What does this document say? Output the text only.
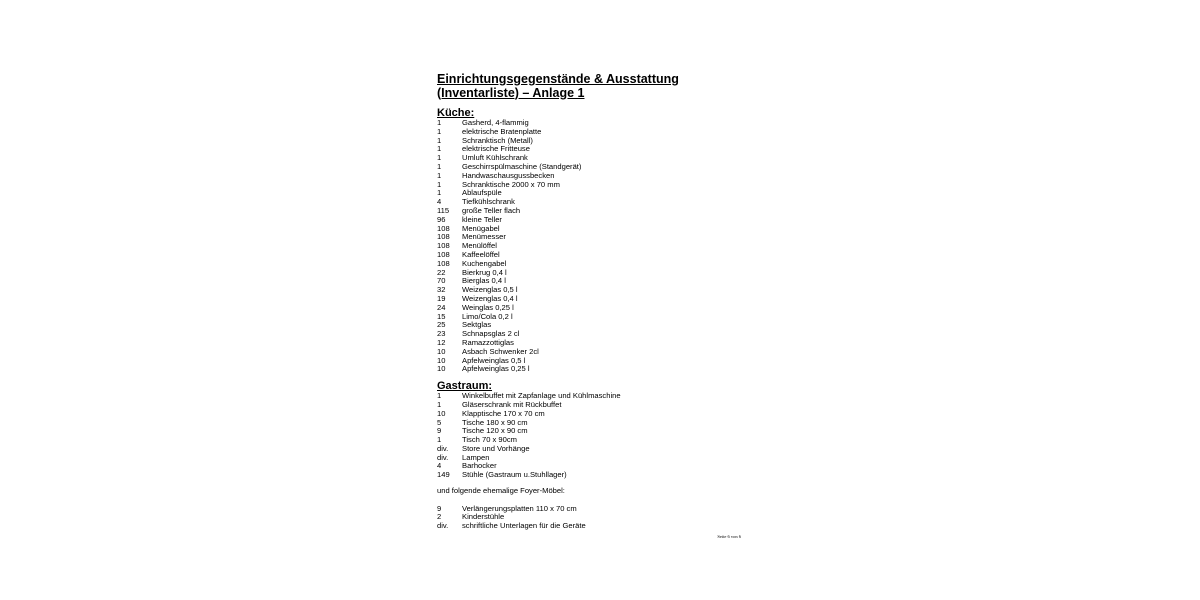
Einrichtungsgegenstände & Ausstattung (Inventarliste) – Anlage 1
Küche:
1	Gasherd, 4-flammig
1	elektrische Bratenplatte
1	Schranktisch (Metall)
1	elektrische Fritteuse
1	Umluft Kühlschrank
1	Geschirrspülmaschine (Standgerät)
1	Handwaschausgussbecken
1	Schranktische 2000 x 70 mm
1	Ablaufspüle
4	Tiefkühlschrank
115	große Teller flach
96	kleine Teller
108	Menügabel
108	Menümesser
108	Menülöffel
108	Kaffeelöffel
108	Kuchengabel
22	Bierkrug 0,4 l
70	Bierglas 0,4 l
32	Weizenglas 0,5 l
19	Weizenglas 0,4 l
24	Weinglas 0,25 l
15	Limo/Cola 0,2 l
25	Sektglas
23	Schnapsglas 2 cl
12	Ramazzottiglas
10	Asbach Schwenker 2cl
10	Apfelweinglas 0,5 l
10	Apfelweinglas 0,25 l
Gastraum:
1	Winkelbuffet mit Zapfanlage und Kühlmaschine
1	Gläserschrank mit Rückbuffet
10	Klapptische 170 x 70 cm
5	Tische 180 x 90 cm
9	Tische 120 x 90 cm
1	Tisch 70 x 90cm
div.	Store und Vorhänge
div.	Lampen
4	Barhocker
149	Stühle (Gastraum u.Stuhllager)

und folgende ehemalige Foyer-Möbel:

9	Verlängerungsplatten 110 x 70 cm
2	Kinderstühle
div.	schriftliche Unterlagen für die Geräte
Seite 6 von 6
